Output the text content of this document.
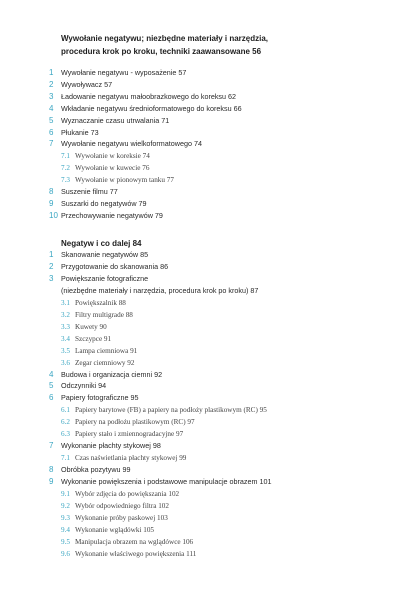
Wywołanie negatywu; niezbędne materiały i narzędzia,
procedura krok po kroku, techniki zaawansowane 56
1 Wywołanie negatywu - wyposażenie 57
2 Wywoływacz 57
3 Ładowanie negatywu małoobrazkowego do koreksu 62
4 Wkładanie negatywu średnioformatowego do koreksu 66
5 Wyznaczanie czasu utrwalania 71
6 Płukanie 73
7 Wywołanie negatywu wielkoformatowego 74
7.1 Wywołanie w koreksie 74
7.2 Wywołanie w kuwecie 76
7.3 Wywołanie w pionowym tanku 77
8 Suszenie filmu 77
9 Suszarki do negatywów 79
10 Przechowywanie negatywów 79
Negatyw i co dalej 84
1 Skanowanie negatywów 85
2 Przygotowanie do skanowania 86
3 Powiększanie fotograficzne
(niezbędne materiały i narzędzia, procedura krok po kroku) 87
3.1 Powiększalnik 88
3.2 Filtry multigrade 88
3.3 Kuwety 90
3.4 Szczypce 91
3.5 Lampa ciemniowa 91
3.6 Zegar ciemniowy 92
4 Budowa i organizacja ciemni 92
5 Odczynniki 94
6 Papiery fotograficzne 95
6.1 Papiery barytowe (FB) a papiery na podłoży plastikowym (RC) 95
6.2 Papiery na podłożu plastikowym (RC) 97
6.3 Papiery stało i zmiennogradacyjne 97
7 Wykonanie płachty stykowej 98
7.1 Czas naświetlania płachty stykowej 99
8 Obróbka pozytywu 99
9 Wykonanie powiększenia i podstawowe manipulacje obrazem 101
9.1 Wybór zdjęcia do powiększania 102
9.2 Wybór odpowiedniego filtra 102
9.3 Wykonanie próby paskowej 103
9.4 Wykonanie wglądówki 105
9.5 Manipulacja obrazem na wglądówce 106
9.6 Wykonanie właściwego powiększenia 111
